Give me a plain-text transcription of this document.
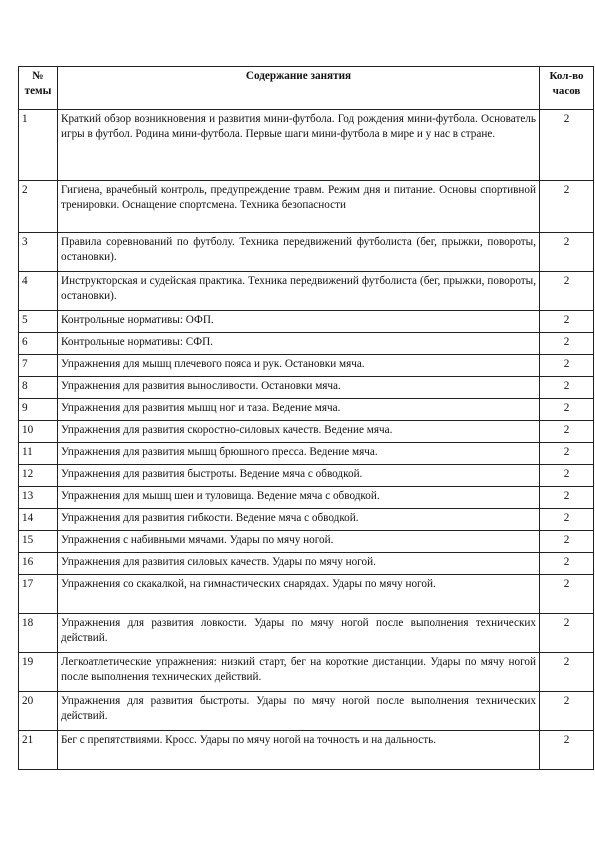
№ темы	Содержание занятия	Кол-во часов
1	Краткий обзор возникновения и развития мини-футбола. Год рождения мини-футбола. Основатель игры в футбол. Родина мини-футбола. Первые шаги мини-футбола в мире и у нас в стране.	2
2	Гигиена, врачебный контроль, предупреждение травм. Режим дня и питание. Основы спортивной тренировки. Оснащение спортсмена. Техника безопасности	2
3	Правила соревнований по футболу. Техника передвижений футболиста (бег, прыжки, повороты, остановки).	2
4	Инструкторская и судейская практика. Техника передвижений футболиста (бег, прыжки, повороты, остановки).	2
5	Контрольные нормативы: ОФП.	2
6	Контрольные нормативы: СФП.	2
7	Упражнения для мышц плечевого пояса и рук. Остановки мяча.	2
8	Упражнения для развития выносливости. Остановки мяча.	2
9	Упражнения для развития мышц ног и таза. Ведение мяча.	2
10	Упражнения для развития скоростно-силовых качеств. Ведение мяча.	2
11	Упражнения для развития мышц брюшного пресса. Ведение мяча.	2
12	Упражнения для развития быстроты. Ведение мяча с обводкой.	2
13	Упражнения для мышц шеи и туловища. Ведение мяча с обводкой.	2
14	Упражнения для развития гибкости. Ведение мяча с обводкой.	2
15	Упражнения с набивными мячами. Удары по мячу ногой.	2
16	Упражнения для развития силовых качеств. Удары по мячу ногой.	2
17	Упражнения со скакалкой, на гимнастических снарядах. Удары по мячу ногой.	2
18	Упражнения для развития ловкости. Удары по мячу ногой после выполнения технических действий.	2
19	Легкоатлетические упражнения: низкий старт, бег на короткие дистанции. Удары по мячу ногой после выполнения технических действий.	2
20	Упражнения для развития быстроты. Удары по мячу ногой после выполнения технических действий.	2
21	Бег с препятствиями. Кросс. Удары по мячу ногой на точность и на дальность.	2
